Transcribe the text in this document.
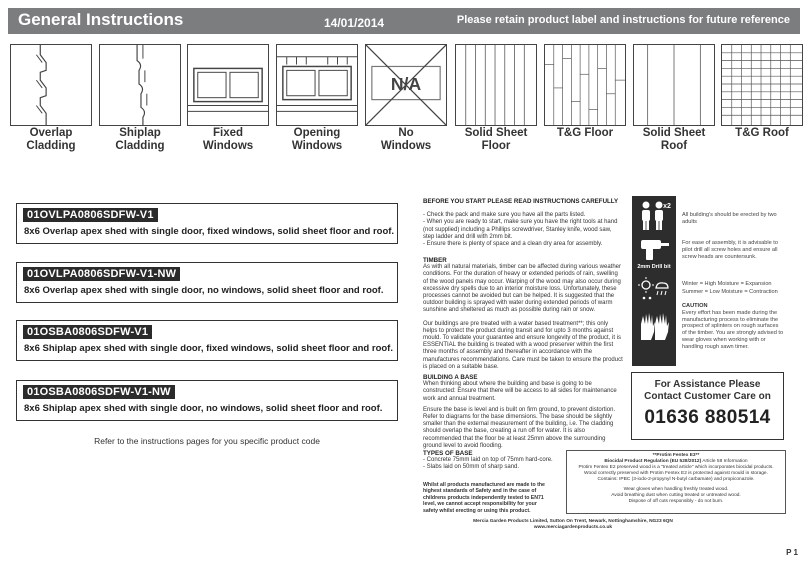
General Instructions	14/01/2014	Please retain product label and instructions for future reference
Overlap
Cladding
Shiplap
Cladding
Fixed
Windows
Opening
Windows
N/A
No
Windows
Solid Sheet
Floor
T&G Floor	Solid Sheet
Roof
T&G Roof
01OVLPA0806SDFW-V1
8x6 Overlap apex shed with single door, fixed windows, solid sheet floor and roof.
01OVLPA0806SDFW-V1-NW
8x6 Overlap apex shed with single door, no windows, solid sheet floor and roof.
01OSBA0806SDFW-V1
8x6 Shiplap apex shed with single door, fixed windows, solid sheet floor and roof.
01OSBA0806SDFW-V1-NW
8x6 Shiplap apex shed with single door, no windows, solid sheet floor and roof.
Refer to the instructions pages for you specific product code
BEFORE YOU START PLEASE READ INSTRUCTIONS CAREFULLY
- Check the pack and make sure you have all the parts listed.
- When you are ready to start, make sure you have the right tools at hand (not supplied) including a Phillips screwdriver, Stanley knife, wood saw, step ladder and drill with 2mm bit.
- Ensure there is plenty of space and a clean dry area for assembly.
TIMBER
As with all natural materials, timber can be affected during various weather conditions. For the duration of heavy or extended periods of rain, swelling of the wood panels may occur. Warping of the wood may also occur during excessive dry spells due to an interior moisture loss. Unfortunately, these processes cannot be avoided but can be helped. It is suggested that the outdoor building is sprayed with water during extended periods of warm sunshine and sheltered as much as possible during rain or snow.
Our buildings are pre treated with a water based treatment**; this only helps to protect the product during transit and for upto 3 months against mould. To validate your guarantee and ensure longevity of the product, it is ESSENTIAL the building is treated with a wood preserver within the first three months of assembly and thereafter in accordance with the manufactures recommendations. Care must be taken to ensure the product is placed on a suitable base.
BUILDING A BASE
When thinking about where the building and base is going to be constructed: Ensure that there will be access to all sides for maintenance work and annual treatment.
Ensure the base is level and is built on firm ground, to prevent distortion. Refer to diagrams for the base dimensions. The base should be slightly smaller than the external measurement of the building, i.e. The cladding should overlap the base, creating a run off for water. It is also recommended that the floor be at least 25mm above the surrounding ground level to avoid flooding.
TYPES OF BASE
- Concrete 75mm laid on top of 75mm hard-core.
- Slabs laid on 50mm of sharp sand.
Whilst all products manufactured are made to the highest standards of Safety and in the case of childrens products independently tested to EN71 level, we cannot accept responsibility for your safety whilst erecting or using this product.
x2
All building's should be erected by two adults
2mm Drill bit
For ease of assembly, it is advisable to pilot drill all screw holes and ensure all screw heads are countersunk.
Winter = High Moisture = Expansion
Summer = Low Moisture = Contraction
CAUTION
Every effort has been made during the manufacturing process to eliminate the prospect of splinters on rough surfaces of the timber. You are strongly advised to wear gloves when working with or handling rough sawn timer.
For Assistance Please
Contact Customer Care on
01636 880514
**Protim Fentex E3**
Biocidal Product Regulation (EU 528/2012) Article 58 Information
Protim Fentex E2 preserved wood is a "treated article" which incorporates biocidal products.
Wood correctly preserved with Protim Fentex E2 is protected against mould in storage.
Contains: IPBC (3-iodo-2-propynyl N-butyl carbamate) and propiconazole.
Wear gloves when handling freshly treated wood.
Avoid breathing dust when cutting treated or untreated wood.
Dispose of off cuts responsibly - do not burn.
Mercia Garden Products Limited, Sutton On Trent, Newark, Nottinghamshire, NG23 6QN
www.merciagardenproducts.co.uk
P 1
